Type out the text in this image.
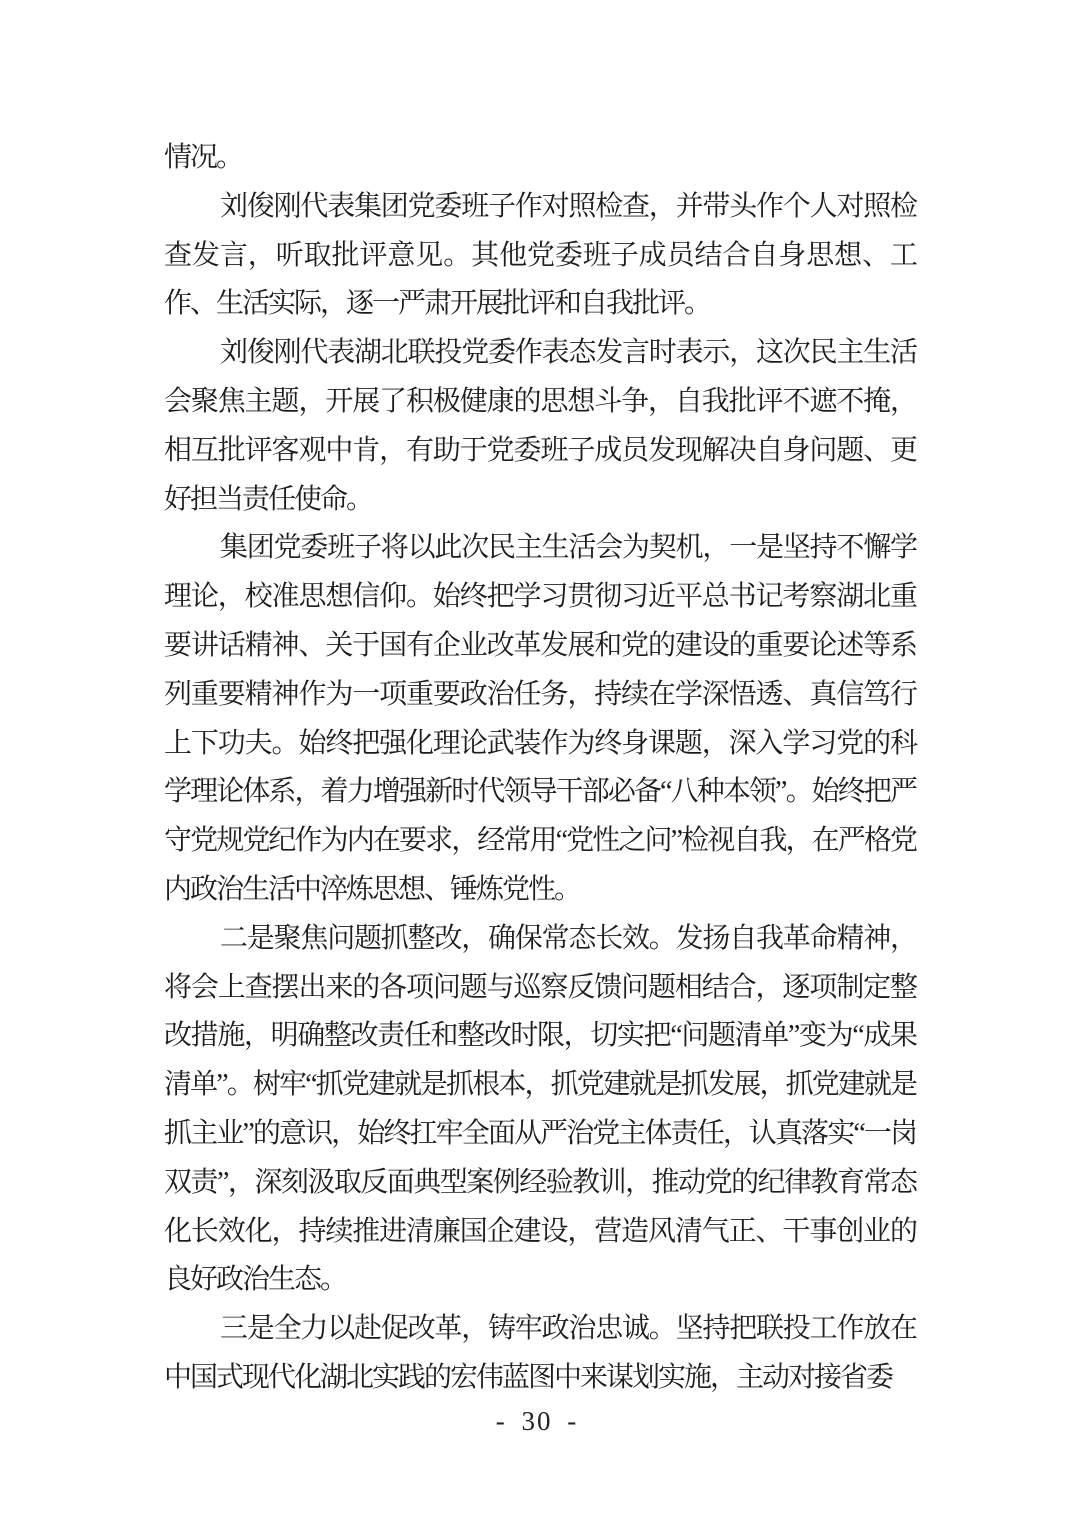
情况。

刘俊刚代表集团党委班子作对照检查，并带头作个人对照检查发言，听取批评意见。其他党委班子成员结合自身思想、工作、生活实际，逐一严肃开展批评和自我批评。

刘俊刚代表湖北联投党委作表态发言时表示，这次民主生活会聚焦主题，开展了积极健康的思想斗争，自我批评不遮不掩，相互批评客观中肯，有助于党委班子成员发现解决自身问题、更好担当责任使命。

集团党委班子将以此次民主生活会为契机，一是坚持不懈学理论，校准思想信仰。始终把学习贯彻习近平总书记考察湖北重要讲话精神、关于国有企业改革发展和党的建设的重要论述等系列重要精神作为一项重要政治任务，持续在学深悟透、真信笃行上下功夫。始终把强化理论武装作为终身课题，深入学习党的科学理论体系，着力增强新时代领导干部必备“八种本领”。始终把严守党规党纪作为内在要求，经常用“党性之问”检视自我，在严格党内政治生活中淬炼思想、锤炼党性。

二是聚焦问题抓整改，确保常态长效。发扬自我革命精神，将会上查摆出来的各项问题与巡察反馈问题相结合，逐项制定整改措施，明确整改责任和整改时限，切实把“问题清单”变为“成果清单”。树牢“抓党建就是抓根本，抓党建就是抓发展，抓党建就是抓主业”的意识，始终扛牢全面从严治党主体责任，认真落实“一岗双责”，深刻汲取反面典型案例经验教训，推动党的纪律教育常态化长效化，持续推进清廉国企建设，营造风清气正、干事创业的良好政治生态。

三是全力以赴促改革，铸牢政治忠诚。坚持把联投工作放在中国式现代化湖北实践的宏伟蓝图中来谋划实施，主动对接省委

- 30 -
